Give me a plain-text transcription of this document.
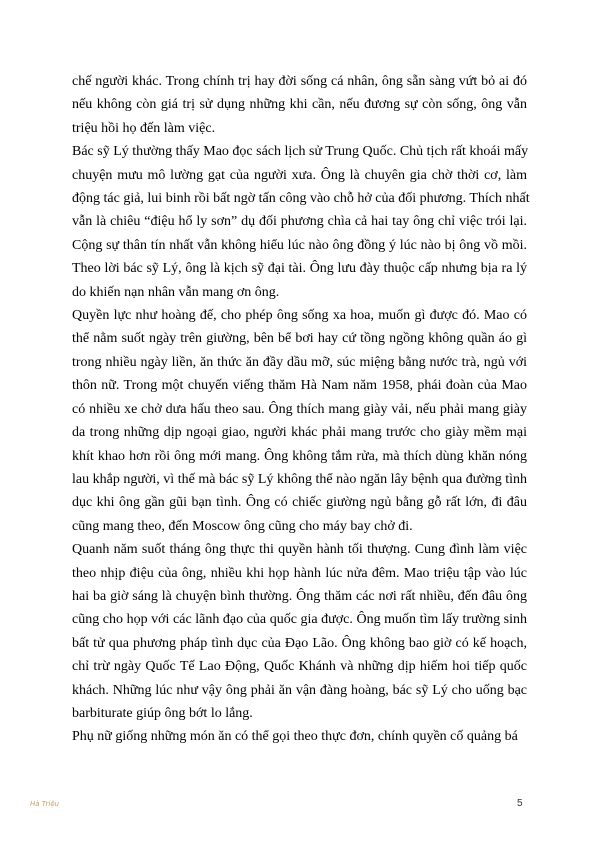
chế người khác. Trong chính trị hay đời sống cá nhân, ông sẵn sàng vứt bỏ ai đó
nếu không còn giá trị sử dụng những khi cần, nếu đương sự còn sống, ông vẫn
triệu hồi họ đến làm việc.
Bác sỹ Lý thường thấy Mao đọc sách lịch sử Trung Quốc. Chủ tịch rất khoái mấy
chuyện mưu mô lường gạt của người xưa. Ông là chuyên gia chờ thời cơ, làm
động tác giả, lui binh rồi bất ngờ tấn công vào chỗ hở của đối phương. Thích nhất
vẫn là chiêu “điệu hổ ly sơn” dụ đối phương chìa cả hai tay ông chỉ việc trói lại.
Cộng sự thân tín nhất vẫn không hiểu lúc nào ông đồng ý lúc nào bị ông vồ mồi.
Theo lời bác sỹ Lý, ông là kịch sỹ đại tài. Ông lưu đày thuộc cấp nhưng bịa ra lý
do khiến nạn nhân vẫn mang ơn ông.
Quyền lực như hoàng đế, cho phép ông sống xa hoa, muốn gì được đó. Mao có
thể nằm suốt ngày trên giường, bên bể bơi hay cứ tồng ngồng không quần áo gì
trong nhiều ngày liền, ăn thức ăn đầy dầu mỡ, súc miệng bằng nước trà, ngủ với
thôn nữ. Trong một chuyến viếng thăm Hà Nam năm 1958, phái đoàn của Mao
có nhiều xe chở dưa hấu theo sau. Ông thích mang giày vải, nếu phải mang giày
da trong những dịp ngoại giao, người khác phải mang trước cho giày mềm mại
khít khao hơn rồi ông mới mang. Ông không tắm rửa, mà thích dùng khăn nóng
lau khắp người, vì thế mà bác sỹ Lý không thể nào ngăn lây bệnh qua đường tình
dục khi ông gần gũi bạn tình. Ông có chiếc giường ngủ bằng gỗ rất lớn, đi đâu
cũng mang theo, đến Moscow ông cũng cho máy bay chở đi.
Quanh năm suốt tháng ông thực thi quyền hành tối thượng. Cung đình làm việc
theo nhịp điệu của ông, nhiều khi họp hành lúc nửa đêm. Mao triệu tập vào lúc
hai ba giờ sáng là chuyện bình thường. Ông thăm các nơi rất nhiều, đến đâu ông
cũng cho họp với các lãnh đạo của quốc gia được. Ông muốn tìm lấy trường sinh
bất tử qua phương pháp tình dục của Đạo Lão. Ông không bao giờ có kế hoạch,
chỉ trừ ngày Quốc Tế Lao Động, Quốc Khánh và những dịp hiếm hoi tiếp quốc
khách. Những lúc như vậy ông phải ăn vận đàng hoàng, bác sỹ Lý cho uống bạc
barbiturate giúp ông bớt lo lắng.
Phụ nữ giống những món ăn có thể gọi theo thực đơn, chính quyền cố quảng bá
Hà Triệu	5
